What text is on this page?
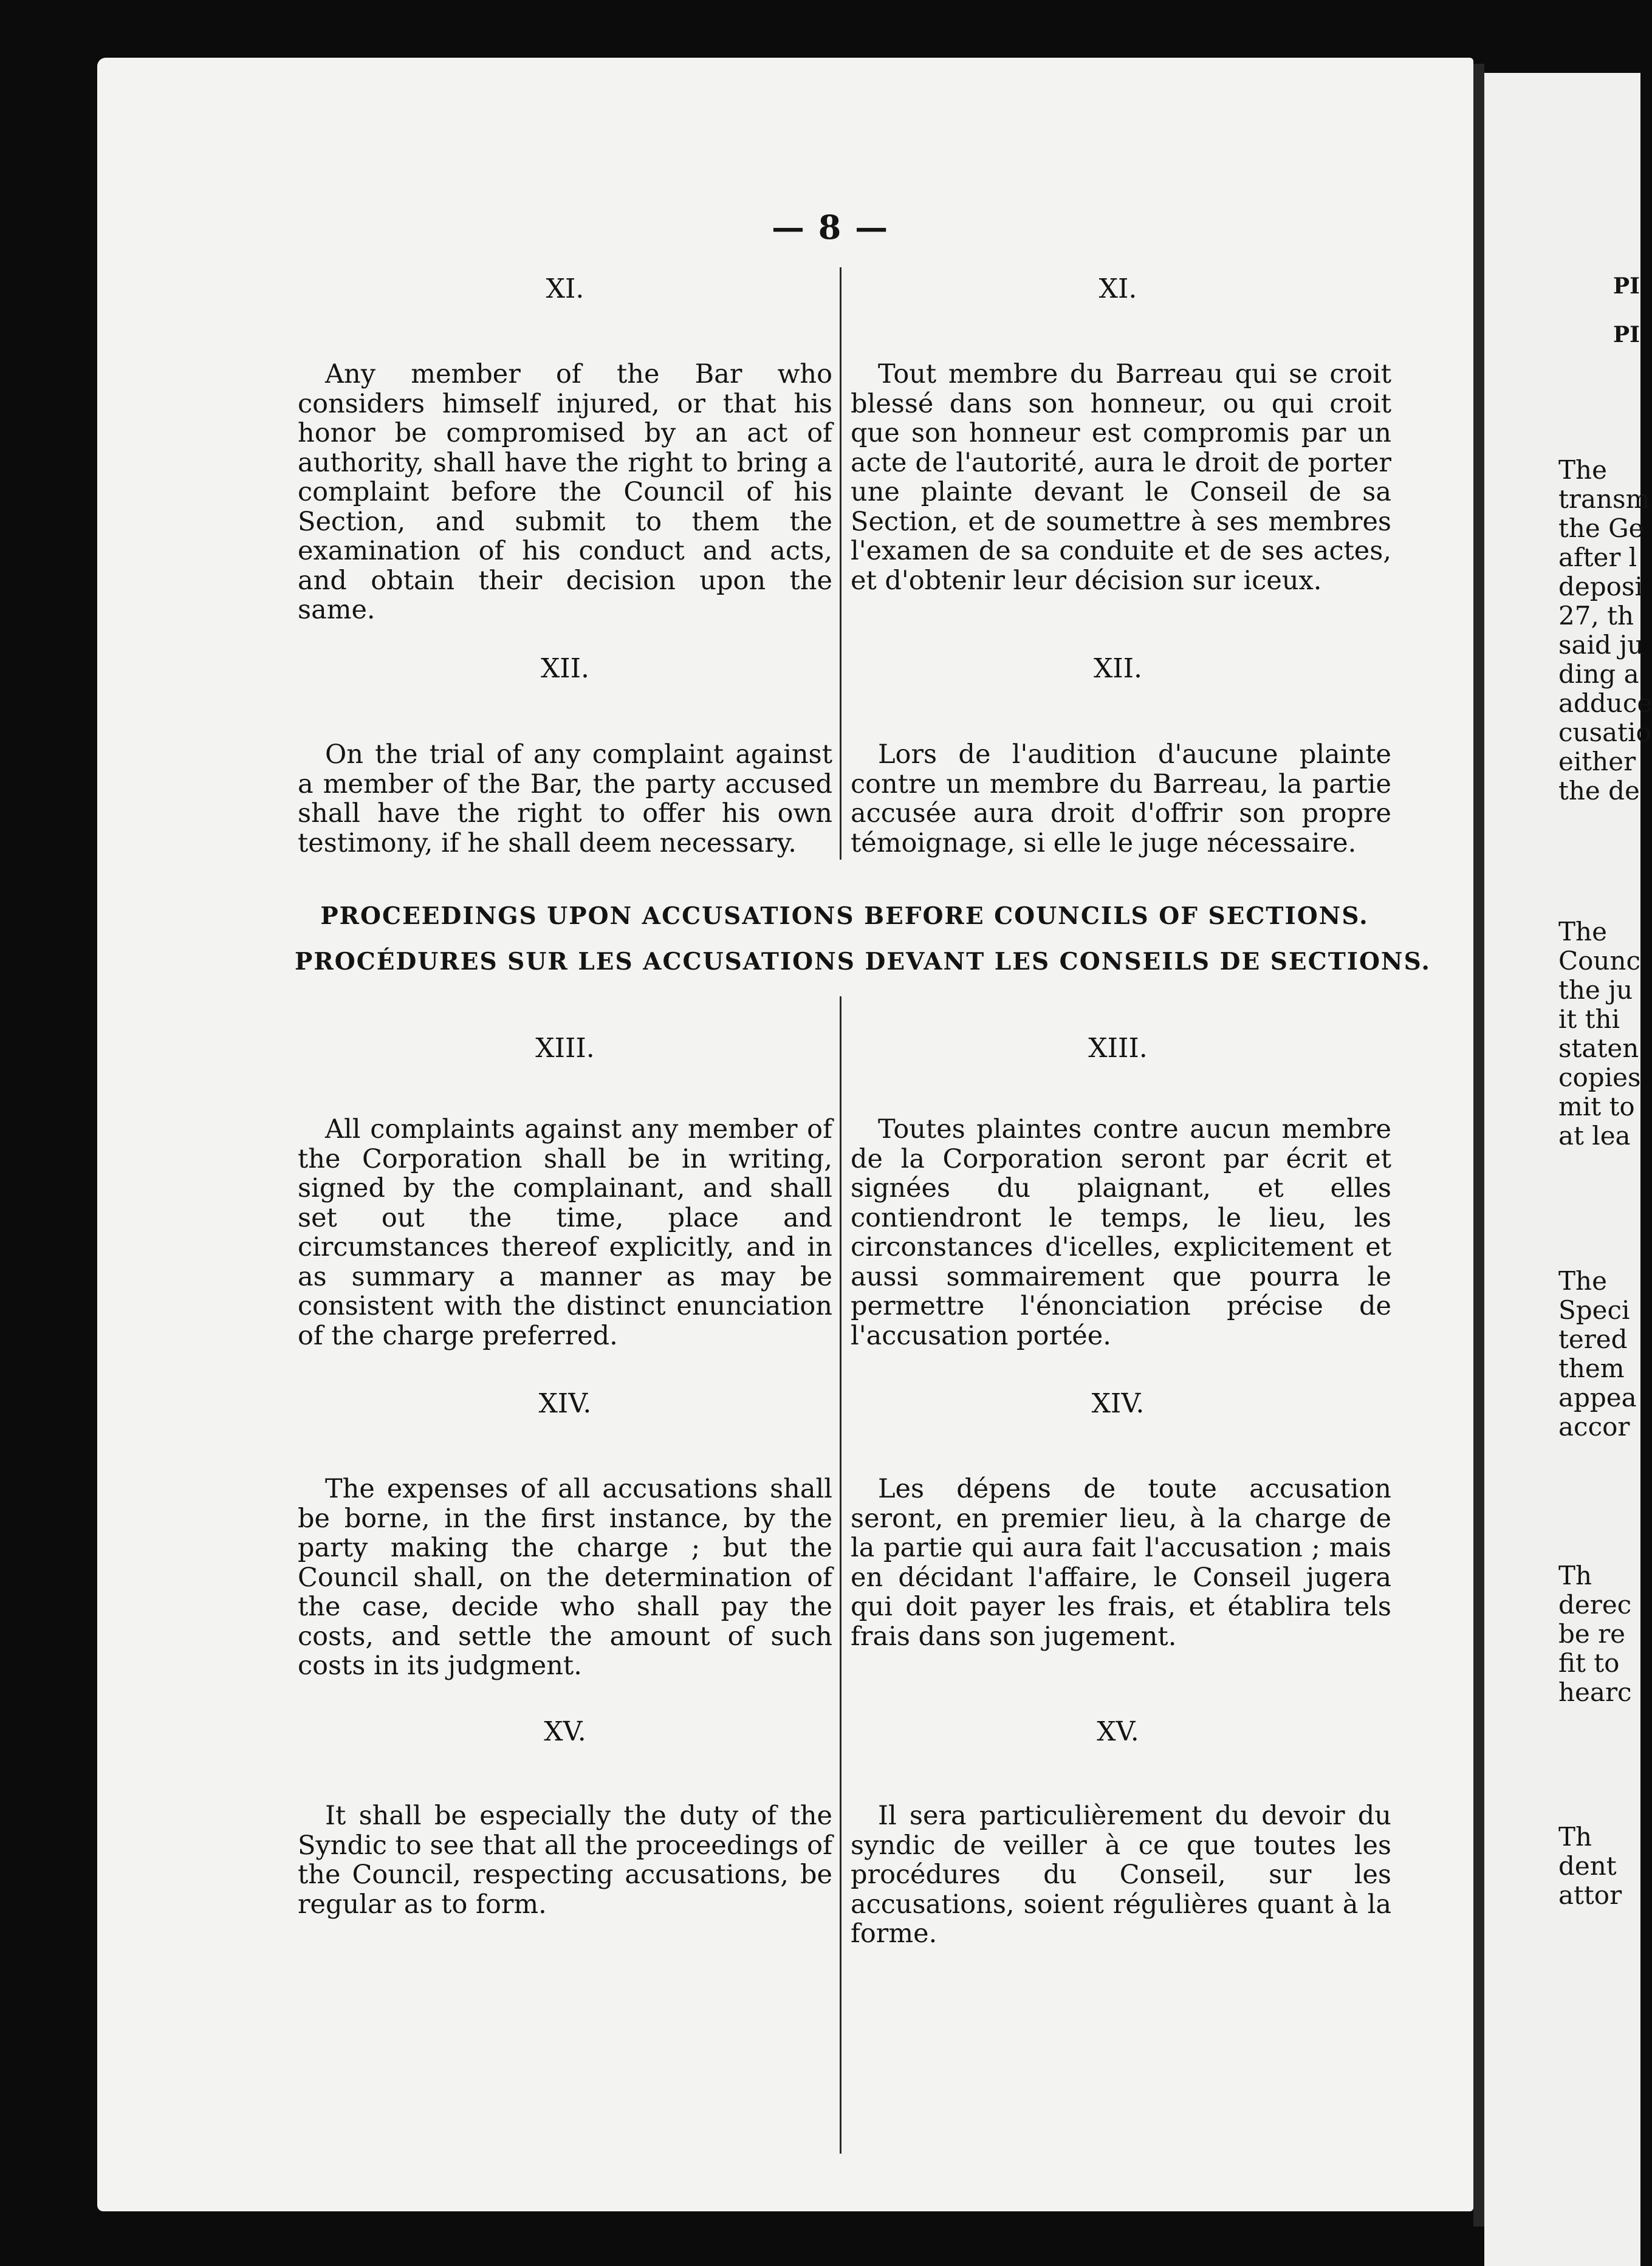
— 8 —
XI.	XI.
Any member of the Bar who considers himself injured, or that his honor be compromised by an act of authority, shall have the right to bring a complaint before the Council of his Section, and submit to them the examination of his conduct and acts, and obtain their decision upon the same.
Tout membre du Barreau qui se croit blessé dans son honneur, ou qui croit que son honneur est compromis par un acte de l'autorité, aura le droit de porter une plainte devant le Conseil de sa Section, et de soumettre à ses membres l'examen de sa conduite et de ses actes, et d'obtenir leur décision sur iceux.
XII.	XII.
On the trial of any complaint against a member of the Bar, the party accused shall have the right to offer his own testimony, if he shall deem necessary.
Lors de l'audition d'aucune plainte contre un membre du Barreau, la partie accusée aura droit d'offrir son propre témoignage, si elle le juge nécessaire.
PROCEEDINGS UPON ACCUSATIONS BEFORE COUNCILS OF SECTIONS.
PROCÉDURES SUR LES ACCUSATIONS DEVANT LES CONSEILS DE SECTIONS.
XIII.	XIII.
All complaints against any member of the Corporation shall be in writing, signed by the complainant, and shall set out the time, place and circumstances thereof explicitly, and in as summary a manner as may be consistent with the distinct enunciation of the charge preferred.
Toutes plaintes contre aucun membre de la Corporation seront par écrit et signées du plaignant, et elles contiendront le temps, le lieu, les circonstances d'icelles, explicitement et aussi sommairement que pourra le permettre l'énonciation précise de l'accusation portée.
XIV.	XIV.
The expenses of all accusations shall be borne, in the first instance, by the party making the charge ; but the Council shall, on the determination of the case, decide who shall pay the costs, and settle the amount of such costs in its judgment.
Les dépens de toute accusation seront, en premier lieu, à la charge de la partie qui aura fait l'accusation ; mais en décidant l'affaire, le Conseil jugera qui doit payer les frais, et établira tels frais dans son jugement.
XV.	XV.
It shall be especially the duty of the Syndic to see that all the proceedings of the Council, respecting accusations, be regular as to form.
Il sera particulièrement du devoir du syndic de veiller à ce que toutes les procédures du Conseil, sur les accusations, soient régulières quant à la forme.
PI
PI
The
transm
the Ge
after l
deposi
27, th
said ju
ding a
adduce
cusatio
either
the de
The
Counc
the ju
it thi
staten
copies
mit to
at lea
The
Speci
tered
them
appea
accor
Th
derec
be re
fit to
hearc
Th
dent
attor
